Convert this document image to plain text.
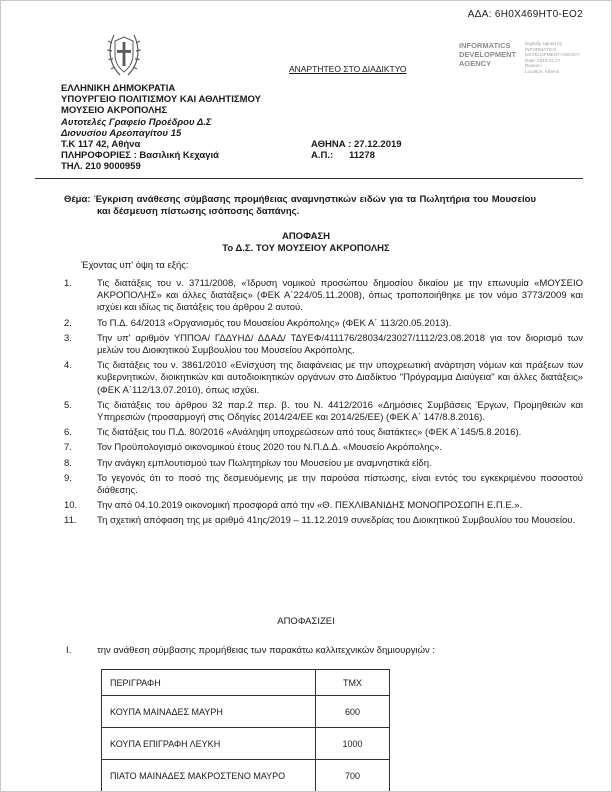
ΑΔΑ: 6Η0Χ469ΗΤ0-ΕΟ2
ΑΝΑΡΤΗΤΕΟ ΣΤΟ ΔΙΑΔΙΚΤΥΟ
INFORMATICS DEVELOPMENT AGENCY
Digitally signed by
INFORMATICS
DEVELOPMENT AGENCY
Date: 2019.12.27
Reason:
Location: Athens
ΕΛΛΗΝΙΚΗ ΔΗΜΟΚΡΑΤΙΑ
ΥΠΟΥΡΓΕΙΟ ΠΟΛΙΤΙΣΜΟΥ ΚΑΙ ΑΘΛΗΤΙΣΜΟΥ
ΜΟΥΣΕΙΟ ΑΚΡΟΠΟΛΗΣ
Αυτοτελές Γραφείο Προέδρου Δ.Σ
Διονυσίου Αρεοπαγίτου 15
Τ.Κ 117 42, Αθήνα
ΠΛΗΡΟΦΟΡΙΕΣ : Βασιλική Κεχαγιά
ΤΗΛ. 210 9000959
ΑΘΗΝΑ : 27.12.2019
Α.Π.:	11278
Θέμα: Έγκριση ανάθεσης σύμβασης προμήθειας αναμνηστικών ειδών για τα Πωλητήρια του Μουσείου και δέσμευση πίστωσης ισόποσης δαπάνης.
ΑΠΟΦΑΣΗ
Το Δ.Σ. ΤΟΥ ΜΟΥΣΕΙΟΥ ΑΚΡΟΠΟΛΗΣ
Έχοντας υπ' όψη τα εξής:
1.	Τις διατάξεις του ν. 3711/2008, «Ίδρυση νομικού προσώπου δημοσίου δικαίου με την επωνυμία «ΜΟΥΣΕΙΟ ΑΚΡΟΠΟΛΗΣ» και άλλες διατάξεις» (ΦΕΚ Α΄224/05.11.2008), όπως τροποποιήθηκε με τον νόμο 3773/2009 και ισχύει και ιδίως τις διατάξεις του άρθρου 2 αυτού.
2.	Το Π.Δ. 64/2013 «Οργανισμός του Μουσείου Ακρόπολης» (ΦΕΚ Α΄ 113/20.05.2013).
3.	Την υπ' αριθμόν ΥΠΠΟΑ/ ΓΔΔΥΗΔ/ ΔΔΑΔ/ ΤΔΥΕΦ/411176/28034/23027/1112/23.08.2018 για τον διορισμό των μελών του Διοικητικού Συμβουλίου του Μουσείου Ακρόπολης.
4.	Τις διατάξεις του ν. 3861/2010 «Ενίσχυση της διαφάνειας με την υποχρεωτική ανάρτηση νόμων και πράξεων των κυβερνητικών, διοικητικών και αυτοδιοικητικών οργάνων στο Διαδίκτυο "Πρόγραμμα Διαύγεια" και άλλες διατάξεις» (ΦΕΚ Α΄112/13.07.2010), όπως ισχύει.
5.	Τις διατάξεις του άρθρου 32 παρ.2 περ. β. του Ν. 4412/2016 «Δημόσιες Συμβάσεις Έργων, Προμηθειών και Υπηρεσιών (προσαρμογή στις Οδηγίες 2014/24/ΕΕ και 2014/25/ΕΕ) (ΦΕΚ Α΄ 147/8.8.2016).
6.	Τις διατάξεις του Π.Δ. 80/2016 «Ανάληψη υποχρεώσεων από τους διατάκτες» (ΦΕΚ Α΄145/5.8.2016).
7.	Τον Προϋπολογισμό οικονομικού έτους 2020 του Ν.Π.Δ.Δ. «Μουσείο Ακρόπολης».
8.	Την ανάγκη εμπλουτισμού των Πωλητηρίων του Μουσείου με αναμνηστικά είδη.
9.	Το γεγονός ότι το ποσό της δεσμευόμενης με την παρούσα πίστωσης, είναι εντός του εγκεκριμένου ποσοστού διάθεσης.
10.	Την από 04.10.2019 οικονομική προσφορά από την «Θ. ΠΕΧΛΙΒΑΝΙΔΗΣ ΜΟΝΟΠΡΟΣΩΠΗ Ε.Π.Ε.».
11.	Τη σχετική απόφαση της με αριθμό 41ης/2019 – 11.12.2019 συνεδρίας του Διοικητικού Συμβουλίου του Μουσείου.
ΑΠΟΦΑΣΙΖΕΙ
I.	την ανάθεση σύμβασης προμήθειας των παρακάτω καλλιτεχνικών δημιουργιών :
ΠΕΡΙΓΡΑΦΗ	ΤΜΧ
ΚΟΥΠΑ ΜΑΙΝΑΔΕΣ ΜΑΥΡΗ	600
ΚΟΥΠΑ ΕΠΙΓΡΑΦΗ ΛΕΥΚΗ	1000
ΠΙΑΤΟ ΜΑΙΝΑΔΕΣ ΜΑΚΡΟΣΤΕΝΟ ΜΑΥΡΟ	700
